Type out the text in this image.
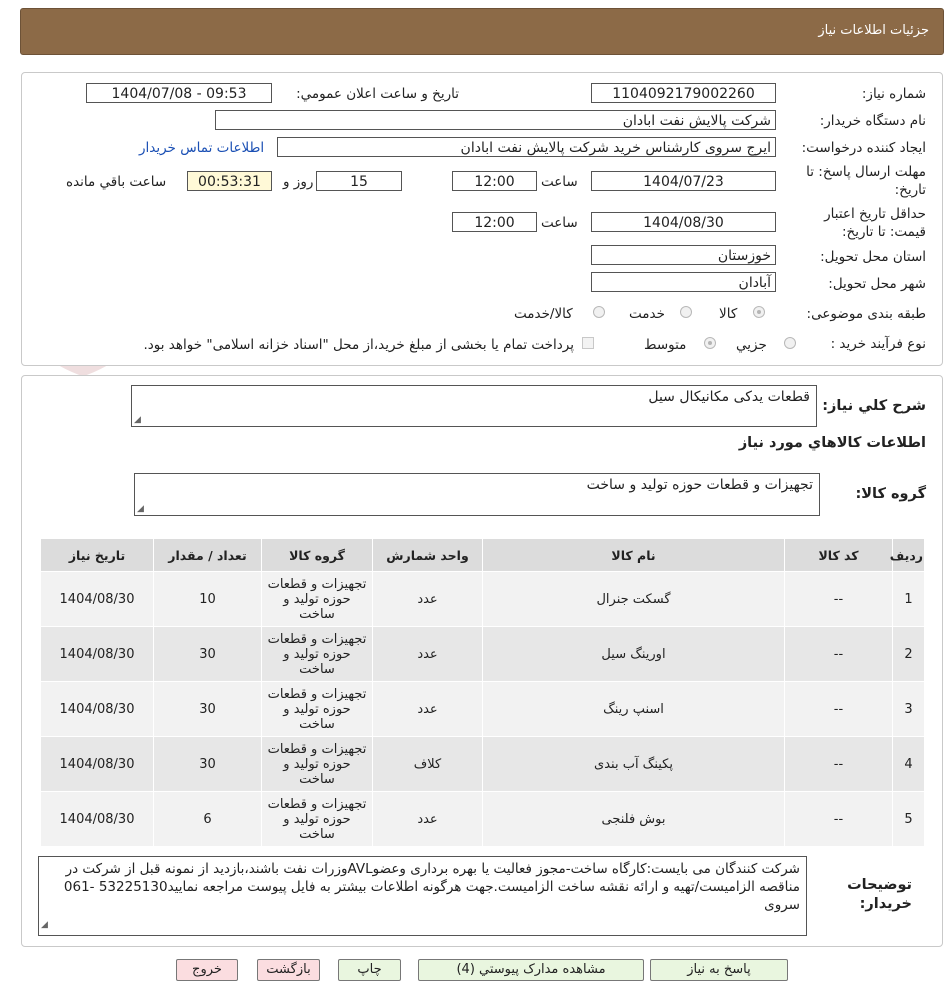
جزئیات اطلاعات نیاز
شماره نیاز:
1104092179002260
تاریخ و ساعت اعلان عمومي:
1404/07/08 - 09:53
نام دستگاه خريدار:
شرکت پالايش نفت ابادان
ايجاد كننده درخواست:
ايرج سروی کارشناس خريد شرکت پالايش نفت ابادان
اطلاعات تماس خريدار
مهلت ارسال پاسخ: تا
تاريخ:
1404/07/23
ساعت
12:00
15
روز و
00:53:31
ساعت باقي مانده
حداقل تاريخ اعتبار
قيمت: تا تاريخ:
1404/08/30
ساعت
12:00
استان محل تحويل:
خوزستان
شهر محل تحويل:
آبادان
طبقه بندی موضوعی:
كالا
خدمت
كالا/خدمت
نوع فرآيند خريد :
جزيي
متوسط
پرداخت تمام يا بخشی از مبلغ خريد،از محل "اسناد خزانه اسلامی" خواهد بود.
شرح كلي نياز:
قطعات يدکی مکانيکال سيل
◢
اطلاعات كالاهاي مورد نياز
گروه كالا:
تجهيزات و قطعات حوزه توليد و ساخت
◢
رديف	کد کالا	نام كالا	واحد شمارش	گروه كالا	تعداد / مقدار	تاريخ نياز
1	--	گسکت جنرال	عدد	تجهيزات و قطعات حوزه توليد و ساخت	10	1404/08/30
2	--	اورينگ سيل	عدد	تجهيزات و قطعات حوزه توليد و ساخت	30	1404/08/30
3	--	اسنپ رينگ	عدد	تجهيزات و قطعات حوزه توليد و ساخت	30	1404/08/30
4	--	پکينگ آب بندی	كلاف	تجهيزات و قطعات حوزه توليد و ساخت	30	1404/08/30
5	--	بوش فلنجی	عدد	تجهيزات و قطعات حوزه توليد و ساخت	6	1404/08/30
توضيحات
خريدار:
شرکت کنندگان می بايست:کارگاه ساخت-مجوز فعاليت يا بهره برداری وعضوAVLوزرات نفت باشند،بازديد از نمونه قبل از شرکت در مناقصه الزاميست/تهيه و ارائه نقشه ساخت الزاميست.جهت هرگونه اطلاعات بيشتر به فايل پيوست مراجعه نماييد53225130 -061 سروی
◢
پاسخ به نياز
مشاهده مدارک پيوستي (4)
چاپ
بازگشت
خروج
